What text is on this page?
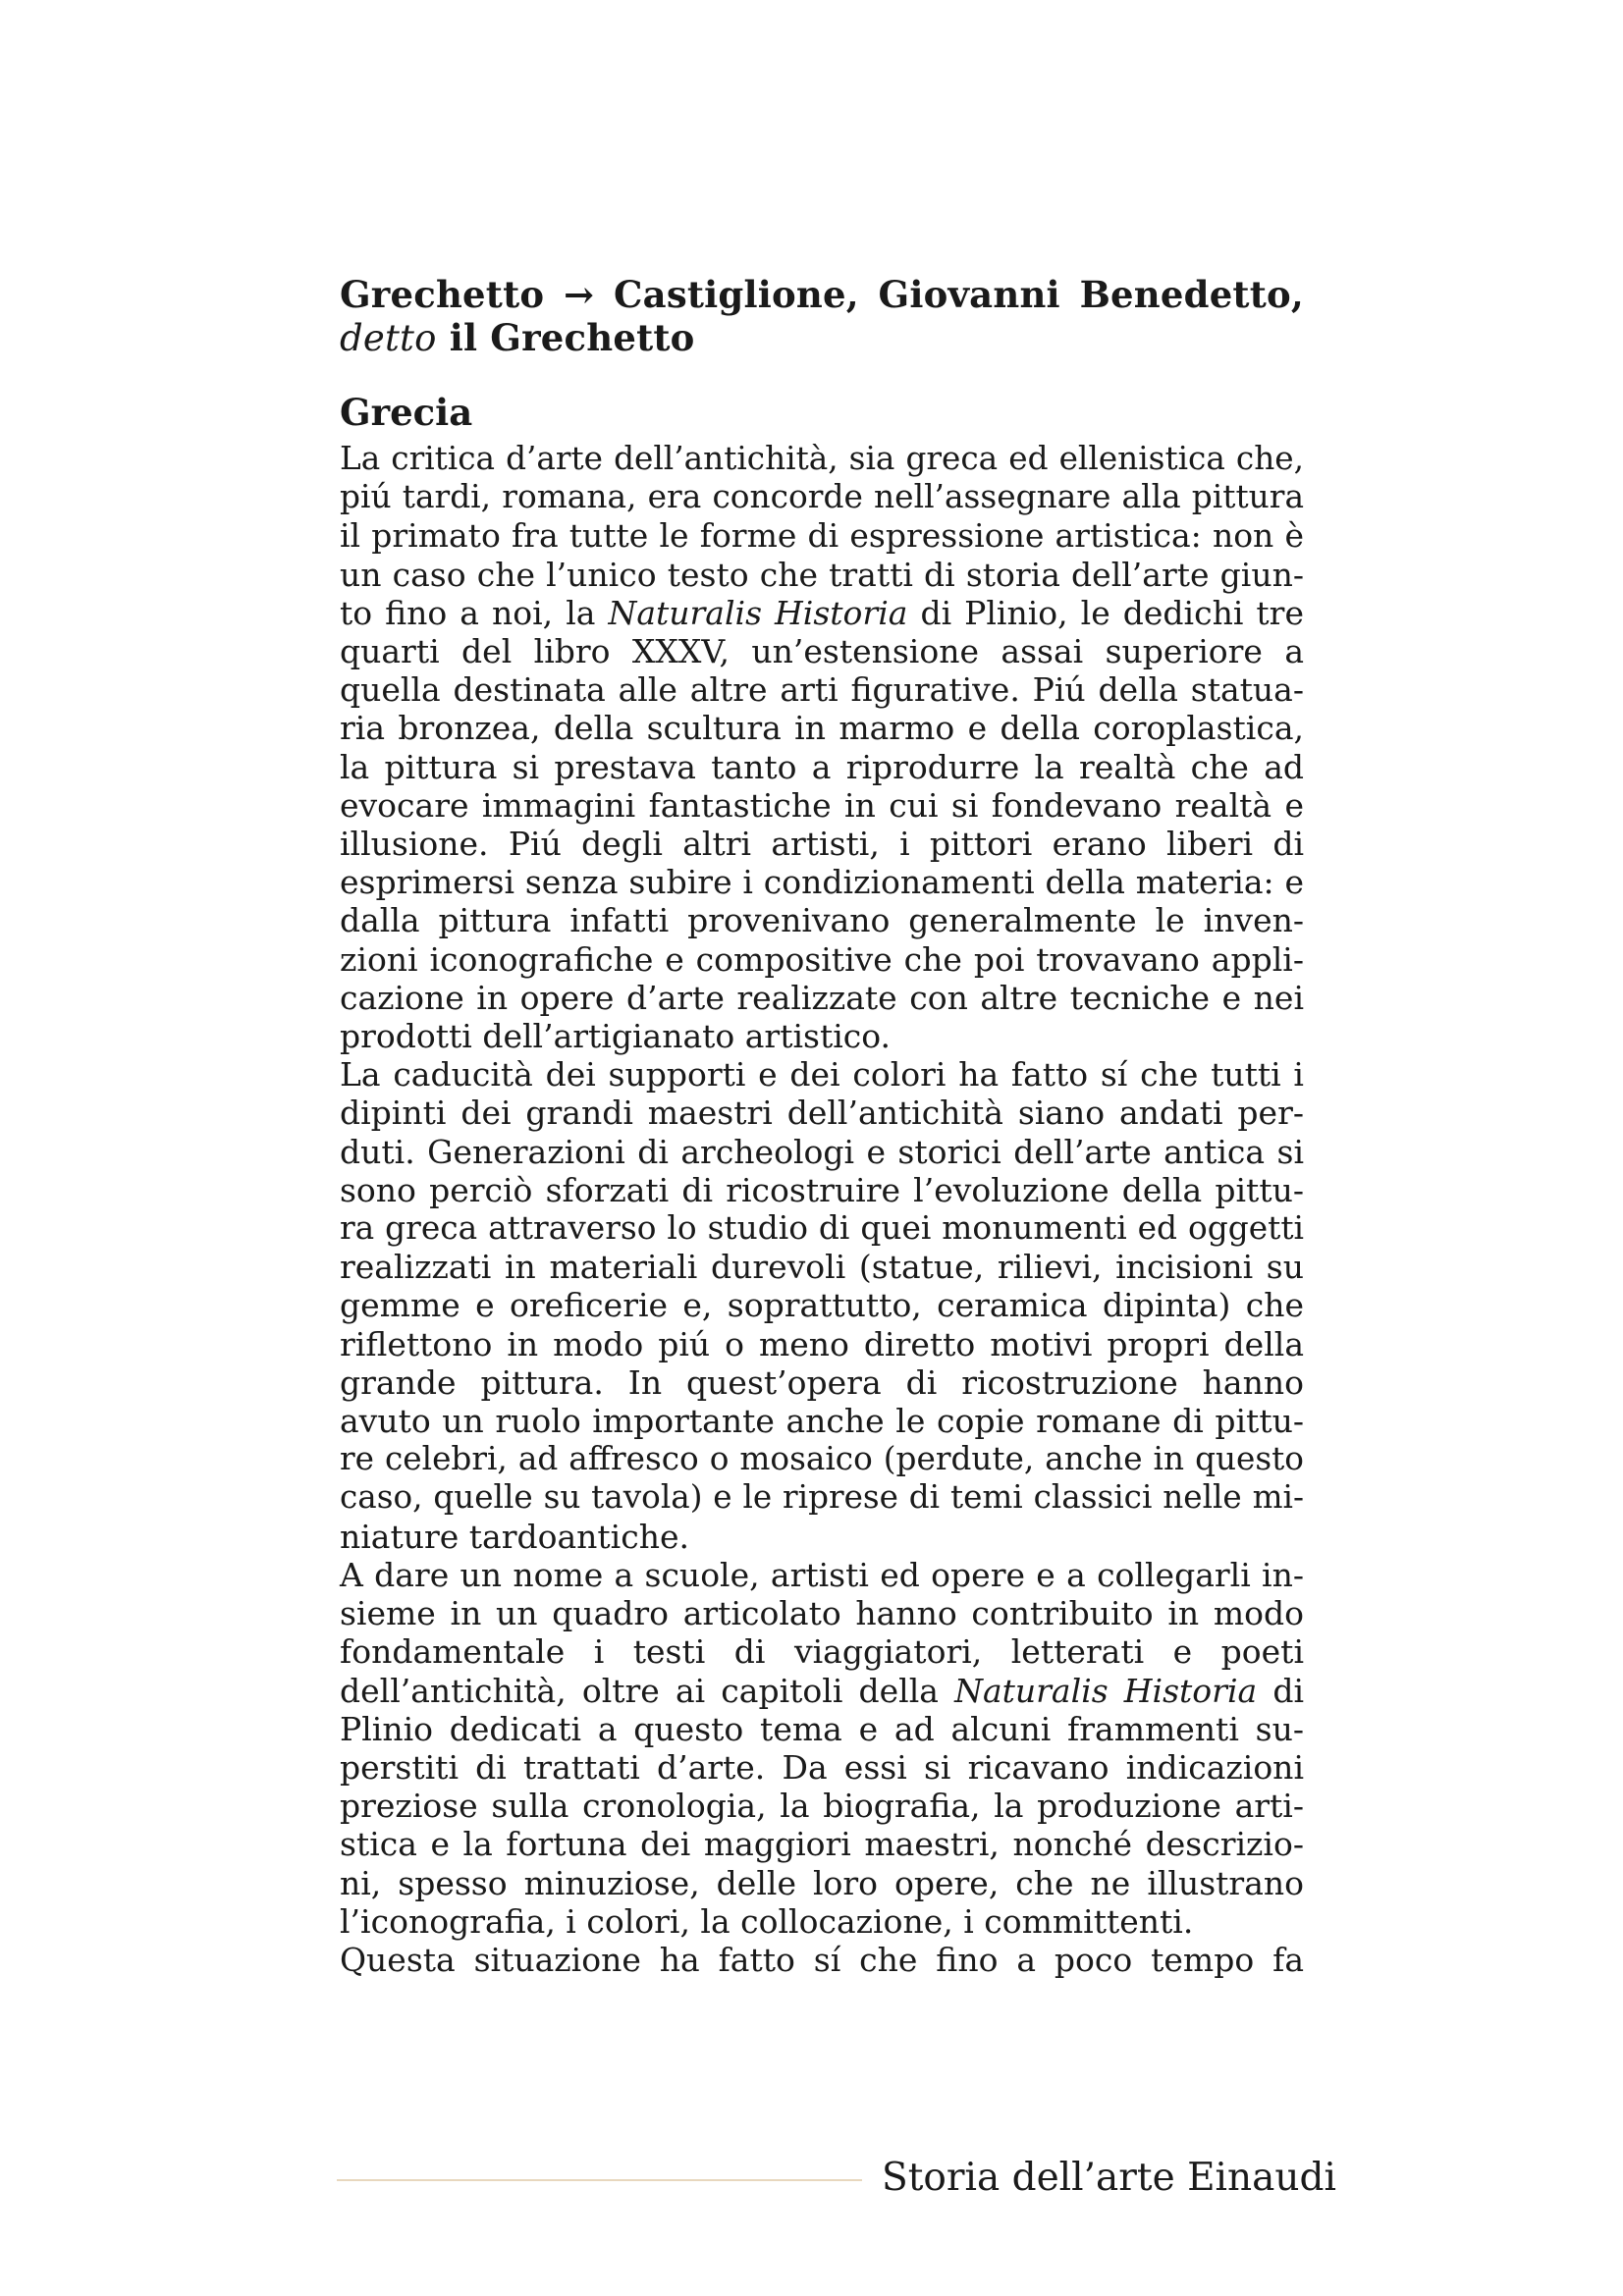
Grechetto → Castiglione, Giovanni Benedetto,
detto il Grechetto
Grecia

La critica d’arte dell’antichità, sia greca ed ellenistica che,
piú tardi, romana, era concorde nell’assegnare alla pittura
il primato fra tutte le forme di espressione artistica: non è
un caso che l’unico testo che tratti di storia dell’arte giun-
to fino a noi, la Naturalis Historia di Plinio, le dedichi tre
quarti del libro XXXV, un’estensione assai superiore a
quella destinata alle altre arti figurative. Piú della statua-
ria bronzea, della scultura in marmo e della coroplastica,
la pittura si prestava tanto a riprodurre la realtà che ad
evocare immagini fantastiche in cui si fondevano realtà e
illusione. Piú degli altri artisti, i pittori erano liberi di
esprimersi senza subire i condizionamenti della materia: e
dalla pittura infatti provenivano generalmente le inven-
zioni iconografiche e compositive che poi trovavano appli-
cazione in opere d’arte realizzate con altre tecniche e nei
prodotti dell’artigianato artistico.

La caducità dei supporti e dei colori ha fatto sí che tutti i
dipinti dei grandi maestri dell’antichità siano andati per-
duti. Generazioni di archeologi e storici dell’arte antica si
sono perciò sforzati di ricostruire l’evoluzione della pittu-
ra greca attraverso lo studio di quei monumenti ed oggetti
realizzati in materiali durevoli (statue, rilievi, incisioni su
gemme e oreficerie e, soprattutto, ceramica dipinta) che
riflettono in modo piú o meno diretto motivi propri della
grande pittura. In quest’opera di ricostruzione hanno
avuto un ruolo importante anche le copie romane di pittu-
re celebri, ad affresco o mosaico (perdute, anche in questo
caso, quelle su tavola) e le riprese di temi classici nelle mi-
niature tardoantiche.

A dare un nome a scuole, artisti ed opere e a collegarli in-
sieme in un quadro articolato hanno contribuito in modo
fondamentale i testi di viaggiatori, letterati e poeti
dell’antichità, oltre ai capitoli della Naturalis Historia di
Plinio dedicati a questo tema e ad alcuni frammenti su-
perstiti di trattati d’arte. Da essi si ricavano indicazioni
preziose sulla cronologia, la biografia, la produzione arti-
stica e la fortuna dei maggiori maestri, nonché descrizio-
ni, spesso minuziose, delle loro opere, che ne illustrano
l’iconografia, i colori, la collocazione, i committenti.

Questa situazione ha fatto sí che fino a poco tempo fa

Storia dell’arte Einaudi
